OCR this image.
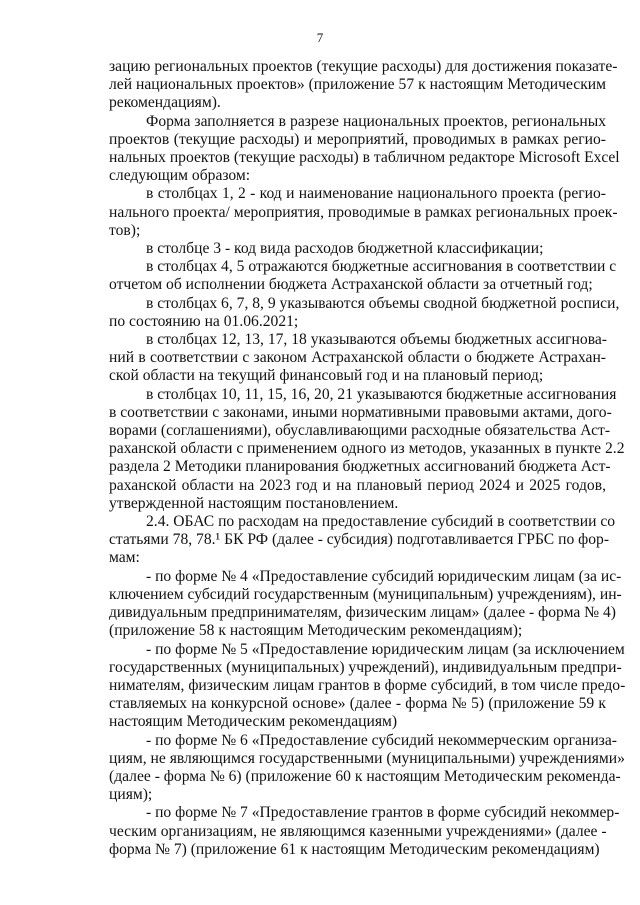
7
зацию региональных проектов (текущие расходы) для достижения показате-
лей национальных проектов» (приложение 57 к настоящим Методическим
рекомендациям).
Форма заполняется в разрезе национальных проектов, региональных
проектов (текущие расходы) и мероприятий, проводимых в рамках регио-
нальных проектов (текущие расходы) в табличном редакторе Microsoft Excel
следующим образом:
в столбцах 1, 2 - код и наименование национального проекта (регио-
нального проекта/ мероприятия, проводимые в рамках региональных проек-
тов);
в столбце 3 - код вида расходов бюджетной классификации;
в столбцах 4, 5 отражаются бюджетные ассигнования в соответствии с
отчетом об исполнении бюджета Астраханской области за отчетный год;
в столбцах 6, 7, 8, 9 указываются объемы сводной бюджетной росписи,
по состоянию на 01.06.2021;
в столбцах 12, 13, 17, 18 указываются объемы бюджетных ассигнова-
ний в соответствии с законом Астраханской области о бюджете Астрахан-
ской области на текущий финансовый год и на плановый период;
в столбцах 10, 11, 15, 16, 20, 21 указываются бюджетные ассигнования
в соответствии с законами, иными нормативными правовыми актами, дого-
ворами (соглашениями), обуславливающими расходные обязательства Аст-
раханской области с применением одного из методов, указанных в пункте 2.2
раздела 2 Методики планирования бюджетных ассигнований бюджета Аст-
раханской области на 2023 год и на плановый период 2024 и 2025 годов,
утвержденной настоящим постановлением.
2.4. ОБАС по расходам на предоставление субсидий в соответствии со
статьями 78, 78.¹ БК РФ (далее - субсидия) подготавливается ГРБС по фор-
мам:
- по форме № 4 «Предоставление субсидий юридическим лицам (за ис-
ключением субсидий государственным (муниципальным) учреждениям), ин-
дивидуальным предпринимателям, физическим лицам» (далее - форма № 4)
(приложение 58 к настоящим Методическим рекомендациям);
- по форме № 5 «Предоставление юридическим лицам (за исключением
государственных (муниципальных) учреждений), индивидуальным предпри-
нимателям, физическим лицам грантов в форме субсидий, в том числе предо-
ставляемых на конкурсной основе» (далее - форма № 5) (приложение 59 к
настоящим Методическим рекомендациям)
- по форме № 6 «Предоставление субсидий некоммерческим организа-
циям, не являющимся государственными (муниципальными) учреждениями»
(далее - форма № 6) (приложение 60 к настоящим Методическим рекоменда-
циям);
- по форме № 7 «Предоставление грантов в форме субсидий некоммер-
ческим организациям, не являющимся казенными учреждениями» (далее -
форма № 7) (приложение 61 к настоящим Методическим рекомендациям)
